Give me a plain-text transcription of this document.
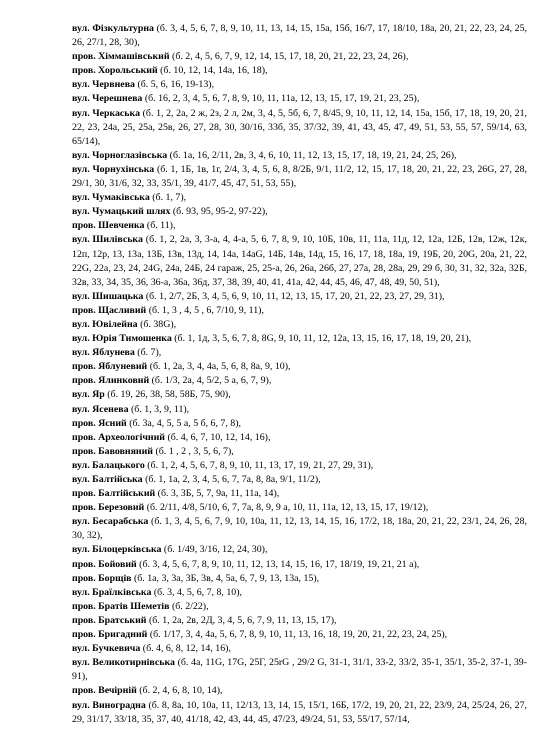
вул. Фізкультурна (б. 3, 4, 5, 6, 7, 8, 9, 10, 11, 13, 14, 15, 15а, 15б, 16/7, 17, 18/10, 18а, 20, 21, 22, 23, 24, 25, 26, 27/1, 28, 30),

пров. Хіммашівський (б. 2, 4, 5, 6, 7, 9, 12, 14, 15, 17, 18, 20, 21, 22, 23, 24, 26),

пров. Хорольський (б. 10, 12, 14, 14а, 16, 18),

вул. Червнева (б. 5, 6, 16, 19-13),

вул. Черешнева (б. 16, 2, 3, 4, 5, 6, 7, 8, 9, 10, 11, 11а, 12, 13, 15, 17, 19, 21, 23, 25),

вул. Черкаська (б. 1, 2, 2а, 2 ж, 2з, 2 л, 2м, 3, 4, 5, 5б, 6, 7, 8/45, 9, 10, 11, 12, 14, 15а, 15б, 17, 18, 19, 20, 21, 22, 23, 24а, 25, 25а, 25в, 26, 27, 28, 30, 30/16, 33б, 35, 37/32, 39, 41, 43, 45, 47, 49, 51, 53, 55, 57, 59/14, 63, 65/14),

вул. Чорноглазівська (б. 1а, 16, 2/11, 2в, 3, 4, 6, 10, 11, 12, 13, 15, 17, 18, 19, 21, 24, 25, 26),

вул. Чорнухінська (б. 1, 1Б, 1в, 1г, 2/4, 3, 4, 5, 6, 8, 8/2Б, 9/1, 11/2, 12, 15, 17, 18, 20, 21, 22, 23, 26G, 27, 28, 29/1, 30, 31/6, 32, 33, 35/1, 39, 41/7, 45, 47, 51, 53, 55),

вул. Чумаківська (б. 1, 7),

вул. Чумацький шлях (б. 93, 95, 95-2, 97-22),

пров. Шевченка (б. 11),

вул. Шилівська (б. 1, 2, 2а, 3, 3-а, 4, 4-а, 5, 6, 7, 8, 9, 10, 10Б, 10в, 11, 11а, 11д, 12, 12а, 12Б, 12в, 12ж, 12к, 12п, 12р, 13, 13а, 13Б, 13в, 13д, 14, 14а, 14аG, 14Б, 14в, 14д, 15, 16, 17, 18, 18а, 19, 19Б, 20, 20G, 20а, 21, 22, 22G, 22а, 23, 24, 24G, 24а, 24Б, 24 гараж, 25, 25-а, 26, 26а, 26б, 27, 27а, 28, 28а, 29, 29 б, 30, 31, 32, 32а, 32Б, 32в, 33, 34, 35, 36, 36-а, 36а, 36д, 37, 38, 39, 40, 41, 41а, 42, 44, 45, 46, 47, 48, 49, 50, 51),

вул. Шишацька (б. 1, 2/7, 2Б, 3, 4, 5, 6, 9, 10, 11, 12, 13, 15, 17, 20, 21, 22, 23, 27, 29, 31),

пров. Щасливий (б. 1, 3 , 4, 5 , 6, 7/10, 9, 11),

вул. Ювілейна (б. 38G),

вул. Юрія Тимошенка (б. 1, 1д, 3, 5, 6, 7, 8, 8G, 9, 10, 11, 12, 12а, 13, 15, 16, 17, 18, 19, 20, 21),

вул. Яблунева (б. 7),

пров. Яблуневий (б. 1, 2а, 3, 4, 4а, 5, 6, 8, 8а, 9, 10),

пров. Ялинковий (б. 1/3, 2а, 4, 5/2, 5 а, 6, 7, 9),

вул. Яр (б. 19, 26, 38, 58, 58Б, 75, 90),

вул. Ясенева (б. 1, 3, 9, 11),

пров. Ясний (б. 3а, 4, 5, 5 а, 5 б, 6, 7, 8),

пров. Археологічний (б. 4, 6, 7, 10, 12, 14, 16),

пров. Бавовняний (б. 1 , 2 , 3, 5, 6, 7),

вул. Балацького (б. 1, 2, 4, 5, 6, 7, 8, 9, 10, 11, 13, 17, 19, 21, 27, 29, 31),

вул. Балтійська (б. 1, 1а, 2, 3, 4, 5, 6, 7, 7а, 8, 8а, 9/1, 11/2),

пров. Балтійський (б. 3, 3Б, 5, 7, 9а, 11, 11а, 14),

пров. Березовий (б. 2/11, 4/8, 5/10, 6, 7, 7а, 8, 9, 9 а, 10, 11, 11а, 12, 13, 15, 17, 19/12),

вул. Бесарабська (б. 1, 3, 4, 5, 6, 7, 9, 10, 10а, 11, 12, 13, 14, 15, 16, 17/2, 18, 18а, 20, 21, 22, 23/1, 24, 26, 28, 30, 32),

вул. Білоцерківська (б. 1/49, 3/16, 12, 24, 30),

пров. Бойовий (б. 3, 4, 5, 6, 7, 8, 9, 10, 11, 12, 13, 14, 15, 16, 17, 18/19, 19, 21, 21 а),

пров. Борщів (б. 1а, 3, 3а, 3Б, 3в, 4, 5а, 6, 7, 9, 13, 13а, 15),

вул. Браїлківська (б. 3, 4, 5, 6, 7, 8, 10),

пров. Братів Шеметів (б. 2/22),

пров. Братський (б. 1, 2а, 2в, 2Д, 3, 4, 5, 6, 7, 9, 11, 13, 15, 17),

пров. Бригадний (б. 1/17, 3, 4, 4а, 5, 6, 7, 8, 9, 10, 11, 13, 16, 18, 19, 20, 21, 22, 23, 24, 25),

вул. Бучкевича (б. 4, 6, 8, 12, 14, 16),

вул. Великотирнівська (б. 4а, 11G, 17G, 25Г, 25rG , 29/2 G, 31-1, 31/1, 33-2, 33/2, 35-1, 35/1, 35-2, 37-1, 39-91),

пров. Вечірній (б. 2, 4, 6, 8, 10, 14),

вул. Виноградна (б. 8, 8а, 10, 10а, 11, 12/13, 13, 14, 15, 15/1, 16Б, 17/2, 19, 20, 21, 22, 23/9, 24, 25/24, 26, 27, 29, 31/17, 33/18, 35, 37, 40, 41/18, 42, 43, 44, 45, 47/23, 49/24, 51, 53, 55/17, 57/14,
